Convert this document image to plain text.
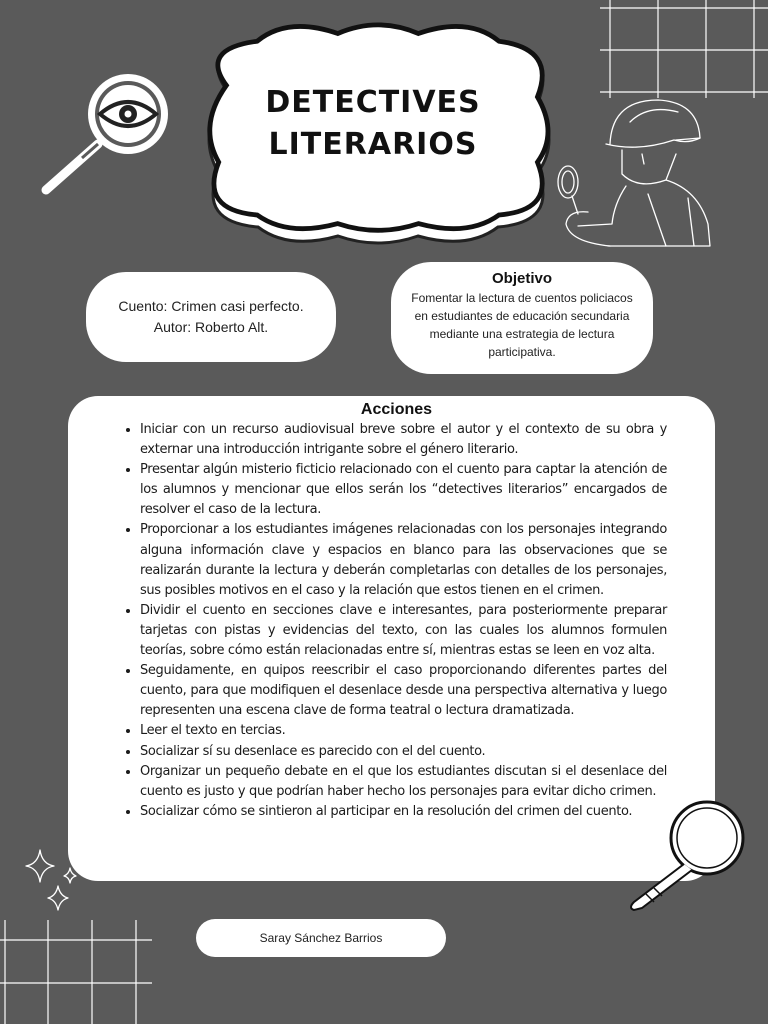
DETECTIVES
LITERARIOS
Cuento: Crimen casi perfecto.
Autor: Roberto Alt.
Objetivo

Fomentar la lectura de cuentos policiacos en estudiantes de educación secundaria mediante una estrategia de lectura participativa.

Acciones
• Iniciar con un recurso audiovisual breve sobre el autor y el contexto de su obra y externar una introducción intrigante sobre el género literario.
• Presentar algún misterio ficticio relacionado con el cuento para captar la atención de los alumnos y mencionar que ellos serán los “detectives literarios” encargados de resolver el caso de la lectura.
• Proporcionar a los estudiantes imágenes relacionadas con los personajes integrando alguna información clave y espacios en blanco para las observaciones que se realizarán durante la lectura y deberán completarlas con detalles de los personajes, sus posibles motivos en el caso y la relación que estos tienen en el crimen.
• Dividir el cuento en secciones clave e interesantes, para posteriormente preparar tarjetas con pistas y evidencias del texto, con las cuales los alumnos formulen teorías, sobre cómo están relacionadas entre sí, mientras estas se leen en voz alta.
• Seguidamente, en quipos reescribir el caso proporcionando diferentes partes del cuento, para que modifiquen el desenlace desde una perspectiva alternativa y luego representen una escena clave de forma teatral o lectura dramatizada.
• Leer el texto en tercias.
• Socializar sí su desenlace es parecido con el del cuento.
• Organizar un pequeño debate en el que los estudiantes discutan si el desenlace del cuento es justo y que podrían haber hecho los personajes para evitar dicho crimen.
• Socializar cómo se sintieron al participar en la resolución del crimen del cuento.
Saray Sánchez Barrios
